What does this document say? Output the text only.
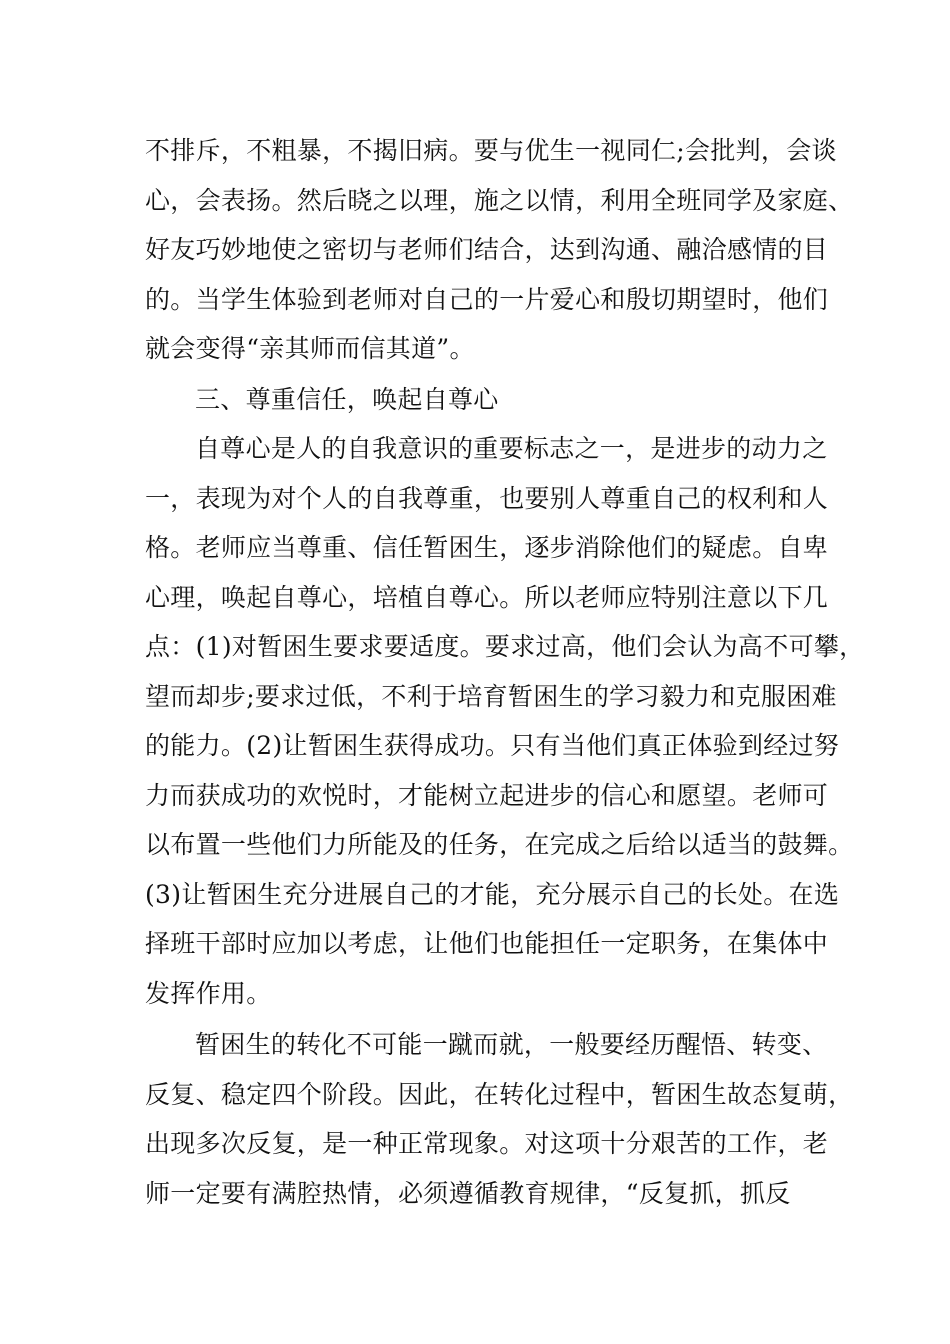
不排斥，不粗暴，不揭旧病。要与优生一视同仁;会批判，会谈
心，会表扬。然后晓之以理，施之以情，利用全班同学及家庭、
好友巧妙地使之密切与老师们结合，达到沟通、融洽感情的目
的。当学生体验到老师对自己的一片爱心和殷切期望时，他们
就会变得“亲其师而信其道”。
三、尊重信任，唤起自尊心
自尊心是人的自我意识的重要标志之一，是进步的动力之
一，表现为对个人的自我尊重，也要别人尊重自己的权利和人
格。老师应当尊重、信任暂困生，逐步消除他们的疑虑。自卑
心理，唤起自尊心，培植自尊心。所以老师应特别注意以下几
点：(1)对暂困生要求要适度。要求过高，他们会认为高不可攀，
望而却步;要求过低，不利于培育暂困生的学习毅力和克服困难
的能力。(2)让暂困生获得成功。只有当他们真正体验到经过努
力而获成功的欢悦时，才能树立起进步的信心和愿望。老师可
以布置一些他们力所能及的任务，在完成之后给以适当的鼓舞。
(3)让暂困生充分进展自己的才能，充分展示自己的长处。在选
择班干部时应加以考虑，让他们也能担任一定职务，在集体中
发挥作用。
暂困生的转化不可能一蹴而就，一般要经历醒悟、转变、
反复、稳定四个阶段。因此，在转化过程中，暂困生故态复萌，
出现多次反复，是一种正常现象。对这项十分艰苦的工作，老
师一定要有满腔热情，必须遵循教育规律，“反复抓，抓反
